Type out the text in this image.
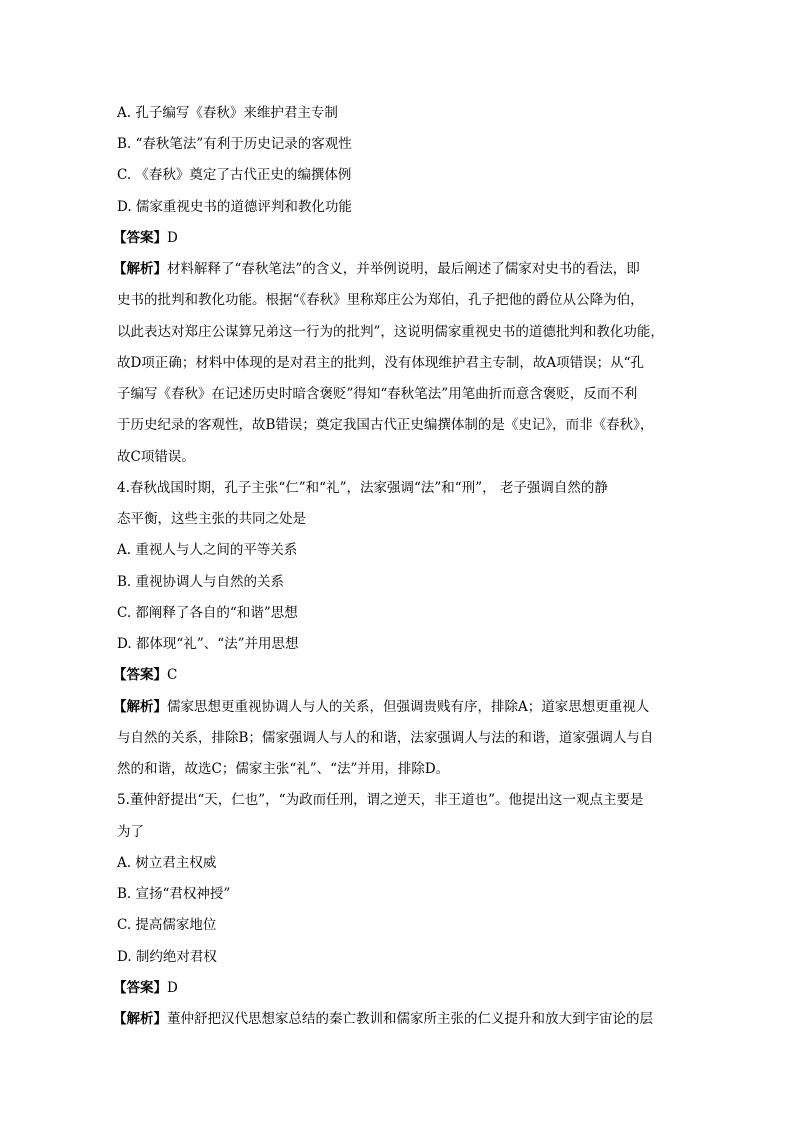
A. 孔子编写《春秋》来维护君主专制
B. “春秋笔法”有利于历史记录的客观性
C. 《春秋》奠定了古代正史的编撰体例
D. 儒家重视史书的道德评判和教化功能
【答案】D
【解析】材料解释了“春秋笔法”的含义，并举例说明，最后阐述了儒家对史书的看法，即
史书的批判和教化功能。根据“《春秋》里称郑庄公为郑伯，孔子把他的爵位从公降为伯，
以此表达对郑庄公谋算兄弟这一行为的批判”，这说明儒家重视史书的道德批判和教化功能，
故D项正确；材料中体现的是对君主的批判，没有体现维护君主专制，故A项错误；从“孔
子编写《春秋》在记述历史时暗含褒贬”得知“春秋笔法”用笔曲折而意含褒贬，反而不利
于历史纪录的客观性，故B错误；奠定我国古代正史编撰体制的是《史记》，而非《春秋》，
故C项错误。
4.春秋战国时期，孔子主张“仁”和“礼”，法家强调“法”和“刑”， 老子强调自然的静
态平衡，这些主张的共同之处是
A. 重视人与人之间的平等关系
B. 重视协调人与自然的关系
C. 都阐释了各自的“和谐”思想
D. 都体现“礼”、“法”并用思想
【答案】C
【解析】儒家思想更重视协调人与人的关系，但强调贵贱有序，排除A；道家思想更重视人
与自然的关系，排除B；儒家强调人与人的和谐，法家强调人与法的和谐，道家强调人与自
然的和谐，故选C；儒家主张“礼”、“法”并用，排除D。
5.董仲舒提出“天，仁也”，“为政而任刑，谓之逆天，非王道也”。他提出这一观点主要是
为了
A. 树立君主权威
B. 宣扬“君权神授”
C. 提高儒家地位
D. 制约绝对君权
【答案】D
【解析】董仲舒把汉代思想家总结的秦亡教训和儒家所主张的仁义提升和放大到宇宙论的层
